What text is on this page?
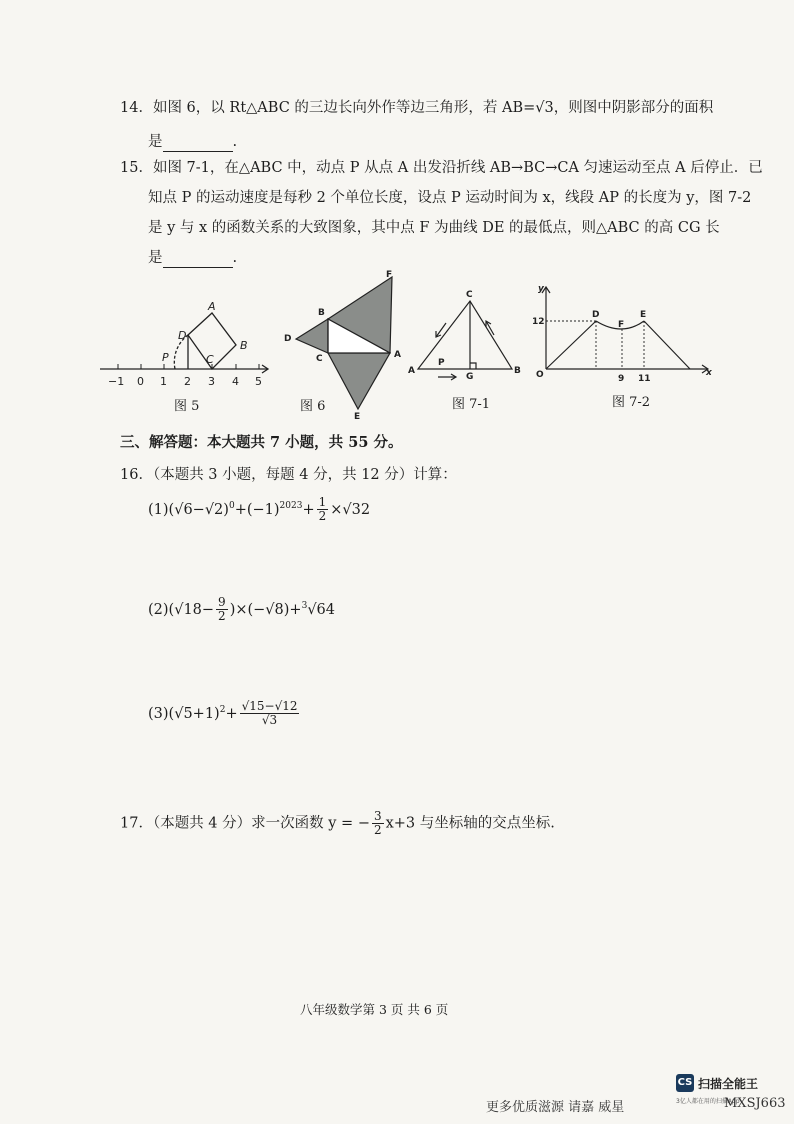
14．如图 6，以 Rt△ABC 的三边长向外作等边三角形，若 AB=√3，则图中阴影部分的面积
是	.
15．如图 7-1，在△ABC 中，动点 P 从点 A 出发沿折线 AB→BC→CA 匀速运动至点 A 后停止．已
知点 P 的运动速度是每秒 2 个单位长度，设点 P 运动时间为 x，线段 AP 的长度为 y，图 7-2
是 y 与 x 的函数关系的大致图象，其中点 F 为曲线 DE 的最低点，则△ABC 的高 CG 长
是	.
−1 0 1 2 3 4 5
P
D
A
B
C
F
B
D
C	A
E
C
A
P
G
B
y
x
O
12
9 11
D
F
E
图 5	图 6	图 7-1	图 7-2
三、解答题：本大题共 7 小题，共 55 分。
16．（本题共 3 小题，每题 4 分，共 12 分）计算：
$(1)(√6-√2)^0+(-1)^{2023}+ \frac{1}{2} \times√32$
$(2)(√18- \frac{9}{2} )\times(-√8)+^3√64$
$(3)(√5+1)^2+ \frac{√15-√12}{√3}$
17．（本题共 4 分）求一次函数 y = − $\frac{3}{2} x+3$ 与坐标轴的交点坐标.
八年级数学第 3 页 共 6 页
CS 扫描全能王
3亿人都在用的扫描App
更多优质滋源 请嘉 威星	MXSJ663
